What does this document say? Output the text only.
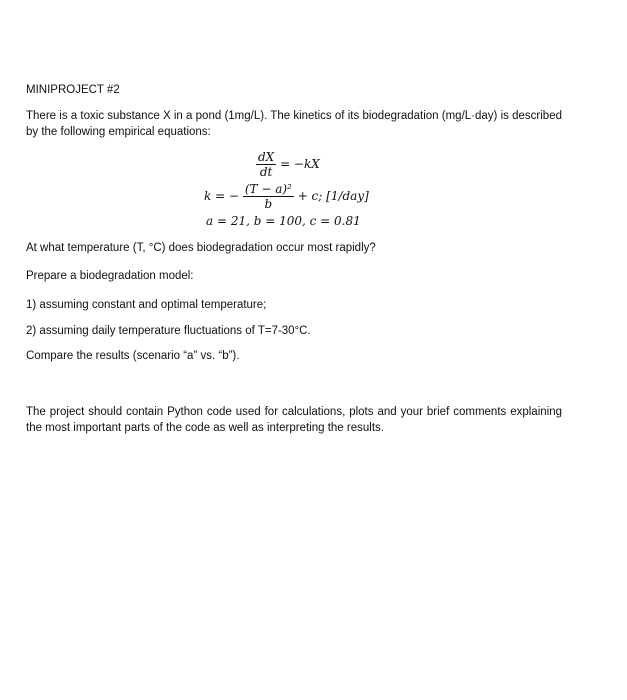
MINIPROJECT #2
There is a toxic substance X in a pond (1mg/L). The kinetics of its biodegradation (mg/L·day) is described by the following empirical equations:
$\frac{dX}{dt} = -kX$
k = − $\frac{\text{(T − a)²}}{b} + c$; [1/day]
a = 21, b = 100, c = 0.81
At what temperature (T, °C) does biodegradation occur most rapidly?
Prepare a biodegradation model:
1) assuming constant and optimal temperature;
2) assuming daily temperature fluctuations of T=7-30°C.
Compare the results (scenario “a” vs. “b”).
The project should contain Python code used for calculations, plots and your brief comments explaining the most important parts of the code as well as interpreting the results.
